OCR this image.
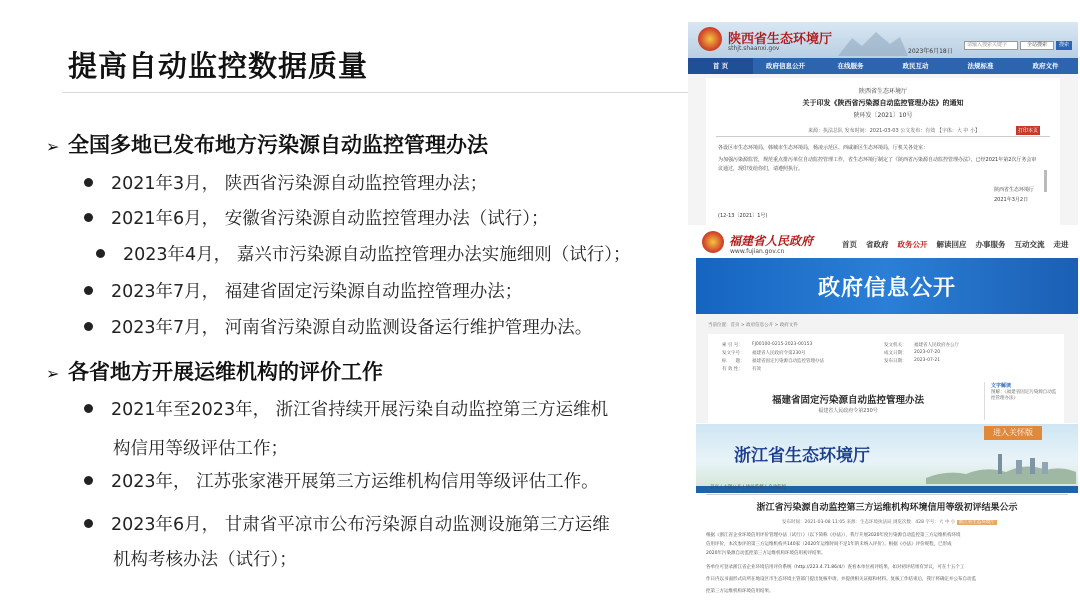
提高自动监控数据质量
➢ 全国多地已发布地方污染源自动监控管理办法
2021年3月， 陕西省污染源自动监控管理办法；
2021年6月， 安徽省污染源自动监控管理办法（试行）；
2023年4月， 嘉兴市污染源自动监控管理办法实施细则（试行）；
2023年7月， 福建省固定污染源自动监控管理办法；
2023年7月， 河南省污染源自动监测设备运行维护管理办法。
➢ 各省地方开展运维机构的评价工作
2021年至2023年， 浙江省持续开展污染自动监控第三方运维机
构信用等级评估工作；
2023年， 江苏张家港开展第三方运维机构信用等级评估工作。
2023年6月， 甘肃省平凉市公布污染源自动监测设施第三方运维
机构考核办法（试行）；
陕西省生态环境厅
sthjt.shaanxi.gov	2023年6月18日
请输入搜索关键字	全站搜索	搜索
首 页	政府信息公开	在线服务	政民互动	法规标准	政府文件
陕西省生态环境厅
关于印发《陕西省污染源自动监控管理办法》的通知
陕环发〔2021〕10号
来源：执法总队 发布时间：2021-03-03 公文发布：有效 【字体：大 中 小】	打印本页
各设区市生态环境局，韩城市生态环境局，杨凌示范区、西咸新区生态环境局，厅机关各处室：
为加强污染源监管，规范重点排污单位自动监控管理工作，省生态环境厅制定了《陕西省污染源自动监控管理办法》，已经2021年第2次厅务会审
议通过，现印发给你们，请遵照执行。
陕西省生态环境厅
2021年3月2日
(12-13〔2021〕1号)
福建省人民政府
www.fujian.gov.cn
首页 省政府 政务公开 解读回应 办事服务 互动交流 走进
政府信息公开
当前位置：首页 > 政府信息公开 > 政府文件
索 引 号： FJ00100-0215-2023-00153	发文机关： 福建省人民政府办公厅
发文字号： 福建省人民政府令第230号	成文日期： 2023-07-20
标　　题： 福建省固定污染源自动监控管理办法	发布日期： 2023-07-21
有 效 性： 有效
福建省固定污染源自动监控管理办法
福建省人民政府令第230号
文字解读
图解：《福建省固定污染源自动监控管理办法》
进入关怀版
浙江省生态环境厅
首页 | 主题公开 | 执法监督 | 自动监控
浙江省污染源自动监控第三方运维机构环境信用等级初评结果公示
发布时间：2021-03-08 11:05 来源：生态环境执法局 浏览次数：428 字号：大 中 小 浙江省生态环境厅
根据《浙江省企业环境信用评价管理办法（试行）》（以下简称《办法》），我厅开展2020年度污染源自动监控第三方运维机构环境
信用评价，本次参评的第三方运维机构共140家（2020年运维时间不足1年的未纳入评价）。根据《办法》评价规程，已形成
2020年污染源自动监控第三方运维机构环境信用初评结果。
各单位可登录浙江省企业环境信用评价系统（http://223.4.71.86/4/）查看本单位初评结果，如对初评结果有异议，可在十五个工
作日内以书面形式向所在地设区市生态环境主管部门提出复核申请，并提供相关证据和材料。复核工作结束后，我厅将确定并公布自动监
控第三方运维机构环境信用结果。
